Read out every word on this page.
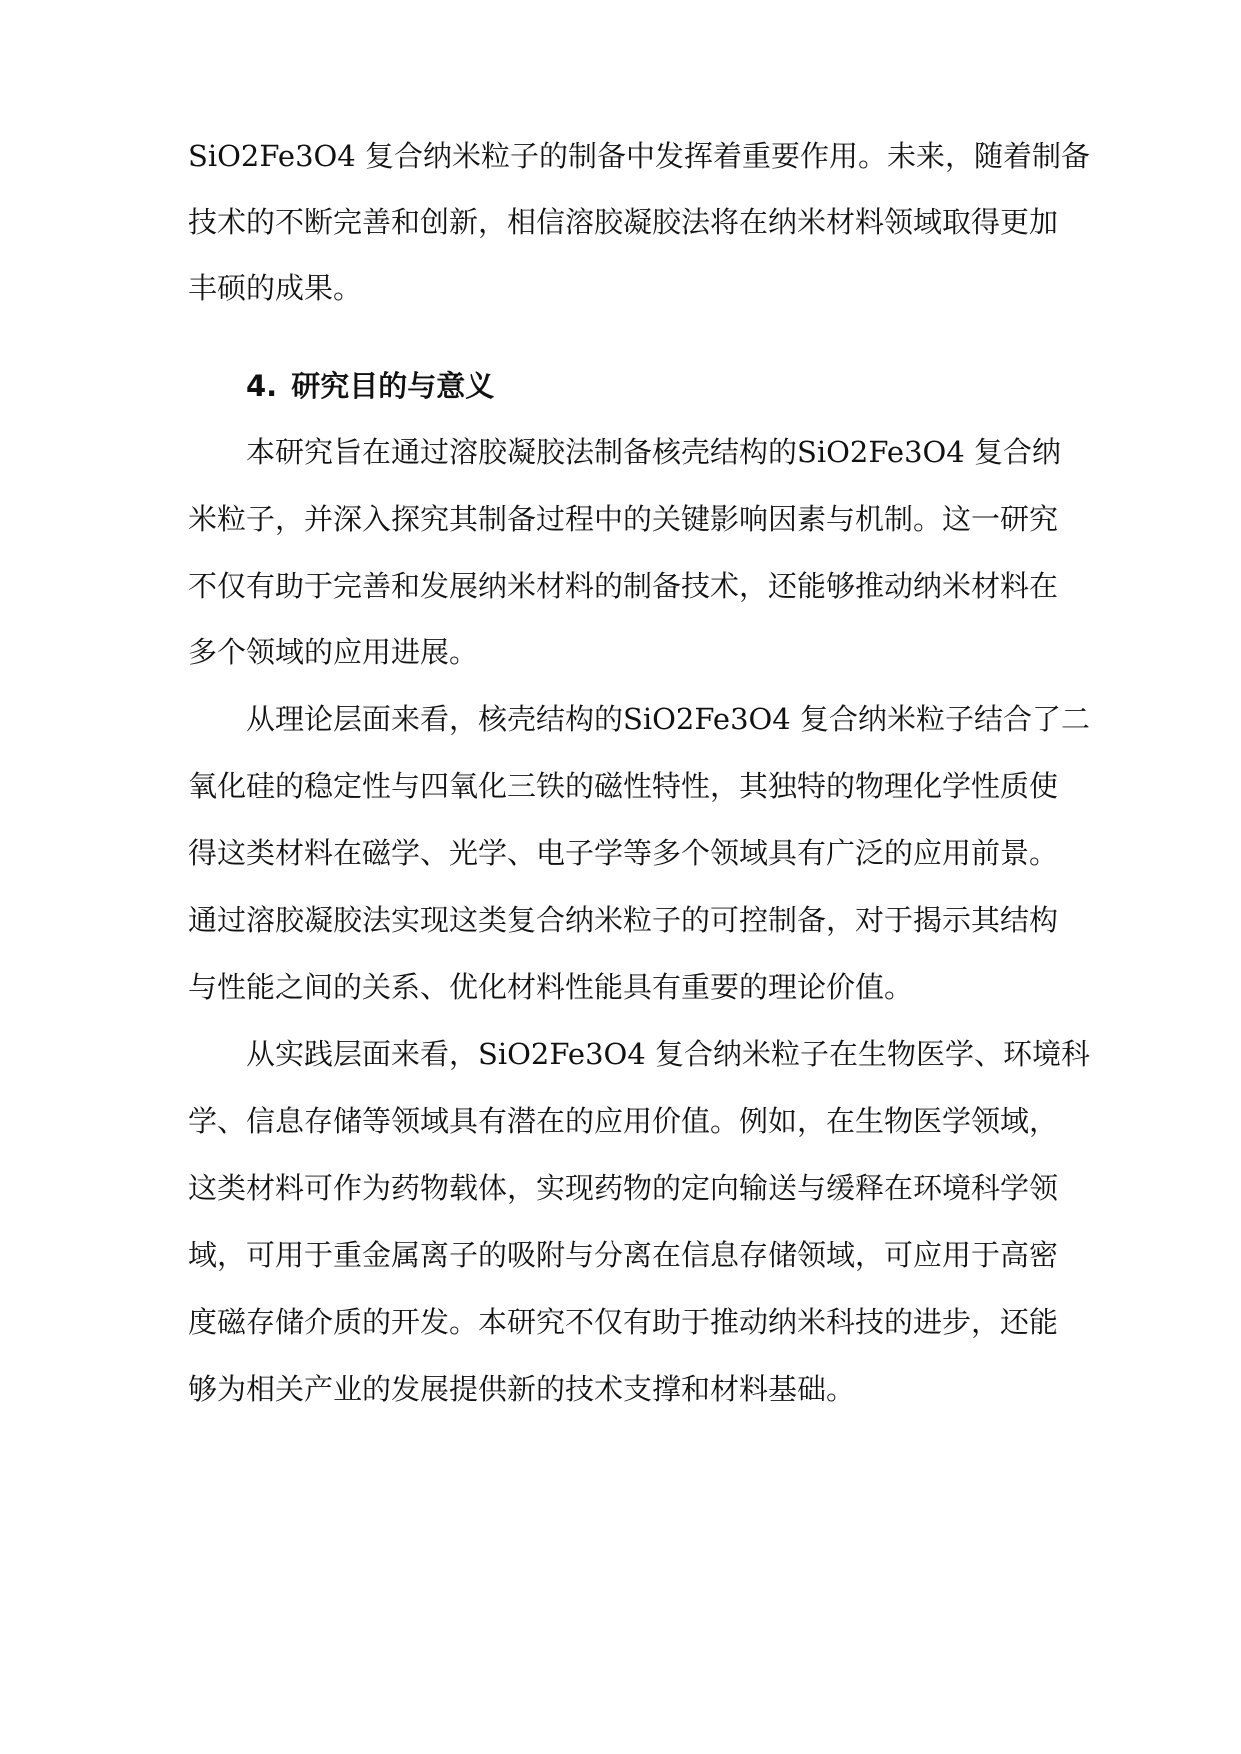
SiO2Fe3O4 复合纳米粒子的制备中发挥着重要作用。未来，随着制备
技术的不断完善和创新，相信溶胶凝胶法将在纳米材料领域取得更加
丰硕的成果。
4. 研究目的与意义
本研究旨在通过溶胶凝胶法制备核壳结构的SiO2Fe3O4 复合纳
米粒子，并深入探究其制备过程中的关键影响因素与机制。这一研究
不仅有助于完善和发展纳米材料的制备技术，还能够推动纳米材料在
多个领域的应用进展。
从理论层面来看，核壳结构的SiO2Fe3O4 复合纳米粒子结合了二
氧化硅的稳定性与四氧化三铁的磁性特性，其独特的物理化学性质使
得这类材料在磁学、光学、电子学等多个领域具有广泛的应用前景。
通过溶胶凝胶法实现这类复合纳米粒子的可控制备，对于揭示其结构
与性能之间的关系、优化材料性能具有重要的理论价值。
从实践层面来看，SiO2Fe3O4 复合纳米粒子在生物医学、环境科
学、信息存储等领域具有潜在的应用价值。例如，在生物医学领域，
这类材料可作为药物载体，实现药物的定向输送与缓释在环境科学领
域，可用于重金属离子的吸附与分离在信息存储领域，可应用于高密
度磁存储介质的开发。本研究不仅有助于推动纳米科技的进步，还能
够为相关产业的发展提供新的技术支撑和材料基础。
